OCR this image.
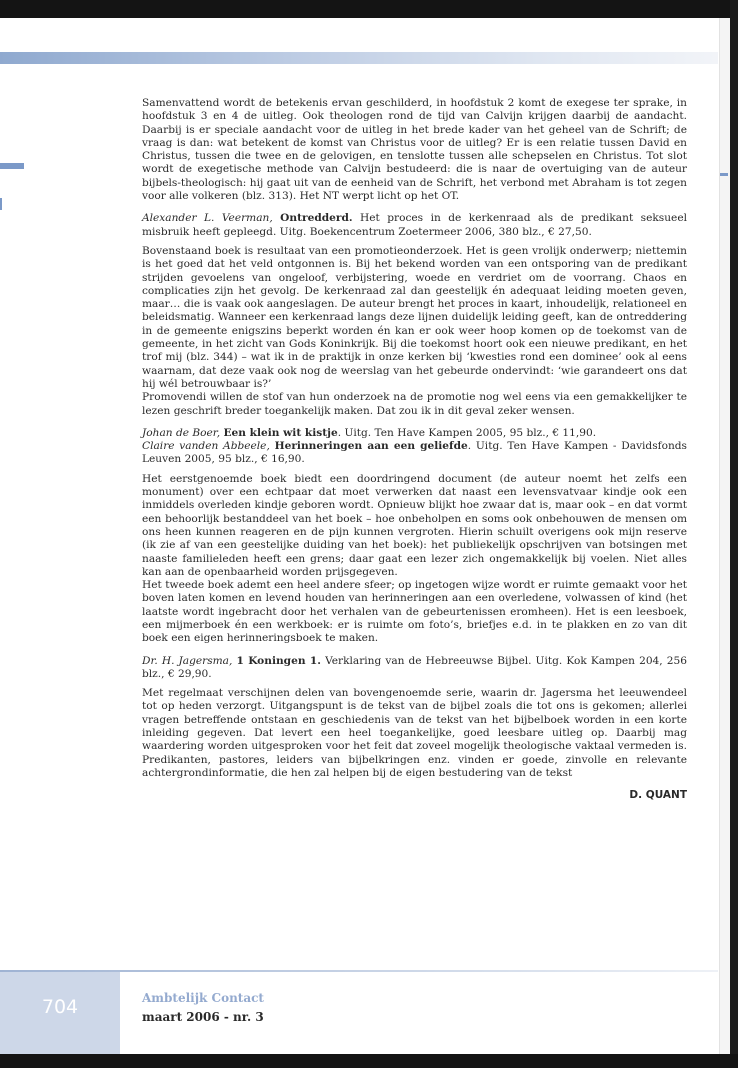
Samenvattend wordt de betekenis ervan geschilderd, in hoofdstuk 2 komt de exegese ter sprake, in hoofdstuk 3 en 4 de uitleg. Ook theologen rond de tijd van Calvijn krijgen daarbij de aandacht. Daarbij is er speciale aandacht voor de uitleg in het brede kader van het geheel van de Schrift; de vraag is dan: wat betekent de komst van Christus voor de uitleg? Er is een relatie tussen David en Christus, tussen die twee en de gelovigen, en tenslotte tussen alle schepselen en Christus. Tot slot wordt de exegetische methode van Calvijn bestudeerd: die is naar de overtuiging van de auteur bijbels-theologisch: hij gaat uit van de eenheid van de Schrift, het verbond met Abraham is tot zegen voor alle volkeren (blz. 313). Het NT werpt licht op het OT.

Alexander L. Veerman, Ontredderd. Het proces in de kerkenraad als de predikant seksueel misbruik heeft gepleegd. Uitg. Boekencentrum Zoetermeer 2006, 380 blz., € 27,50.

Bovenstaand boek is resultaat van een promotieonderzoek. Het is geen vrolijk onderwerp; niettemin is het goed dat het veld ontgonnen is. Bij het bekend worden van een ontsporing van de predikant strijden gevoelens van ongeloof, verbijstering, woede en verdriet om de voorrang. Chaos en complicaties zijn het gevolg. De kerkenraad zal dan geestelijk én adequaat leiding moeten geven, maar… die is vaak ook aangeslagen. De auteur brengt het proces in kaart, inhoudelijk, relationeel en beleidsmatig. Wanneer een kerkenraad langs deze lijnen duidelijk leiding geeft, kan de ontreddering in de gemeente enigszins beperkt worden én kan er ook weer hoop komen op de toekomst van de gemeente, in het zicht van Gods Koninkrijk. Bij die toekomst hoort ook een nieuwe predikant, en het trof mij (blz. 344) – wat ik in de praktijk in onze kerken bij ‘kwesties rond een dominee’ ook al eens waarnam, dat deze vaak ook nog de weerslag van het gebeurde ondervindt: ‘wie garandeert ons dat hij wél betrouwbaar is?’

Promovendi willen de stof van hun onderzoek na de promotie nog wel eens via een gemakkelijker te lezen geschrift breder toegankelijk maken. Dat zou ik in dit geval zeker wensen.

Johan de Boer, Een klein wit kistje. Uitg. Ten Have Kampen 2005, 95 blz., € 11,90.

Claire vanden Abbeele, Herinneringen aan een geliefde. Uitg. Ten Have Kampen - Davidsfonds Leuven 2005, 95 blz., € 16,90.

Het eerstgenoemde boek biedt een doordringend document (de auteur noemt het zelfs een monument) over een echtpaar dat moet verwerken dat naast een levensvatvaar kindje ook een inmiddels overleden kindje geboren wordt. Opnieuw blijkt hoe zwaar dat is, maar ook – en dat vormt een behoorlijk bestanddeel van het boek – hoe onbeholpen en soms ook onbehouwen de mensen om ons heen kunnen reageren en de pijn kunnen vergroten. Hierin schuilt overigens ook mijn reserve (ik zie af van een geestelijke duiding van het boek): het publiekelijk opschrijven van botsingen met naaste familieleden heeft een grens; daar gaat een lezer zich ongemakkelijk bij voelen. Niet alles kan aan de openbaarheid worden prijsgegeven.

Het tweede boek ademt een heel andere sfeer; op ingetogen wijze wordt er ruimte gemaakt voor het boven laten komen en levend houden van herinneringen aan een overledene, volwassen of kind (het laatste wordt ingebracht door het verhalen van de gebeurtenissen eromheen). Het is een leesboek, een mijmerboek én een werkboek: er is ruimte om foto’s, briefjes e.d. in te plakken en zo van dit boek een eigen herinneringsboek te maken.

Dr. H. Jagersma, 1 Koningen 1. Verklaring van de Hebreeuwse Bijbel. Uitg. Kok Kampen 204, 256 blz., € 29,90.

Met regelmaat verschijnen delen van bovengenoemde serie, waarin dr. Jagersma het leeuwendeel tot op heden verzorgt. Uitgangspunt is de tekst van de bijbel zoals die tot ons is gekomen; allerlei vragen betreffende ontstaan en geschiedenis van de tekst van het bijbelboek worden in een korte inleiding gegeven. Dat levert een heel toegankelijke, goed leesbare uitleg op. Daarbij mag waardering worden uitgesproken voor het feit dat zoveel mogelijk theologische vaktaal vermeden is. Predikanten, pastores, leiders van bijbelkringen enz. vinden er goede, zinvolle en relevante achtergrondinformatie, die hen zal helpen bij de eigen bestudering van de tekst

D. QUANT
704	Ambtelijk Contact
maart 2006 - nr. 3
